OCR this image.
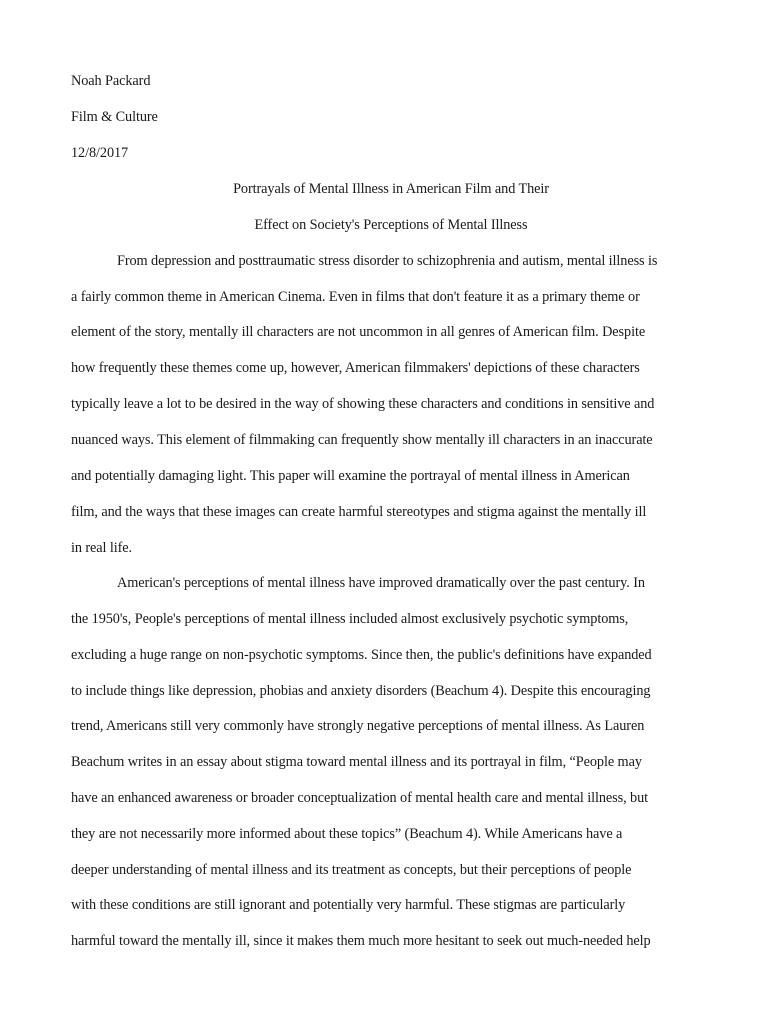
Noah Packard
Film & Culture
12/8/2017
Portrayals of Mental Illness in American Film and Their
Effect on Society's Perceptions of Mental Illness
From depression and posttraumatic stress disorder to schizophrenia and autism, mental illness is
a fairly common theme in American Cinema. Even in films that don't feature it as a primary theme or
element of the story, mentally ill characters are not uncommon in all genres of American film. Despite
how frequently these themes come up, however, American filmmakers' depictions of these characters
typically leave a lot to be desired in the way of showing these characters and conditions in sensitive and
nuanced ways. This element of filmmaking can frequently show mentally ill characters in an inaccurate
and potentially damaging light. This paper will examine the portrayal of mental illness in American
film, and the ways that these images can create harmful stereotypes and stigma against the mentally ill
in real life.
American's perceptions of mental illness have improved dramatically over the past century. In
the 1950's, People's perceptions of mental illness included almost exclusively psychotic symptoms,
excluding a huge range on non-psychotic symptoms. Since then, the public's definitions have expanded
to include things like depression, phobias and anxiety disorders (Beachum 4). Despite this encouraging
trend, Americans still very commonly have strongly negative perceptions of mental illness. As Lauren
Beachum writes in an essay about stigma toward mental illness and its portrayal in film, “People may
have an enhanced awareness or broader conceptualization of mental health care and mental illness, but
they are not necessarily more informed about these topics” (Beachum 4). While Americans have a
deeper understanding of mental illness and its treatment as concepts, but their perceptions of people
with these conditions are still ignorant and potentially very harmful. These stigmas are particularly
harmful toward the mentally ill, since it makes them much more hesitant to seek out much-needed help
